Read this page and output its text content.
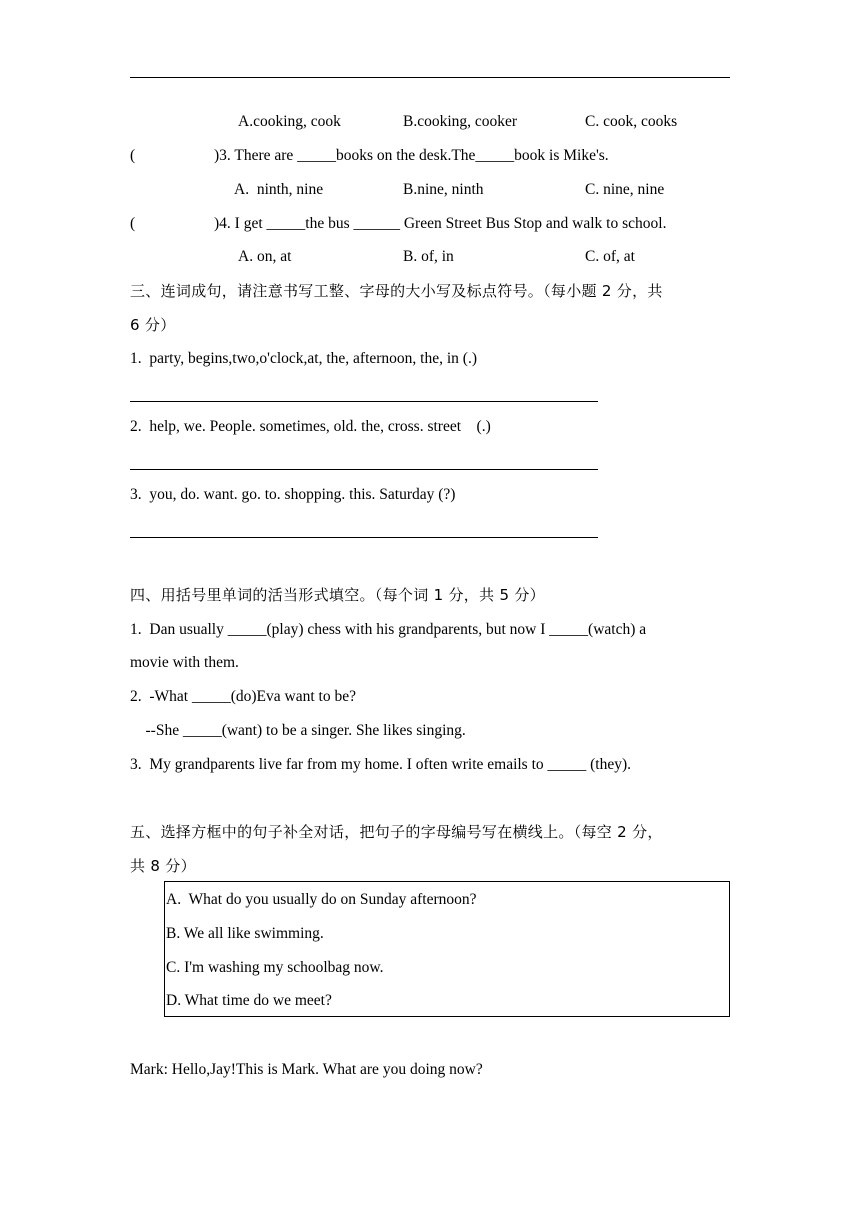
A.cooking, cook	B.cooking, cooker	C. cook, cooks
(	)3. There are _____books on the desk.The_____book is Mike's.
A.  ninth, nine	B.nine, ninth	C. nine, nine
(	)4. I get _____the bus ______ Green Street Bus Stop and walk to school.
A. on, at	B. of, in	C. of, at
三、连词成句，请注意书写工整、字母的大小写及标点符号。（每小题 2 分，共
6 分）
1.  party, begins,two,o'clock,at, the, afternoon, the, in (.)
2.  help, we. People. sometimes, old. the, cross. street    (.)
3.  you, do. want. go. to. shopping. this. Saturday (?)
四、用括号里单词的活当形式填空。（每个词 1 分，共 5 分）
1.  Dan usually _____(play) chess with his grandparents, but now I _____(watch) a
movie with them.
2.  -What _____(do)Eva want to be?
--She _____(want) to be a singer. She likes singing.
3.  My grandparents live far from my home. I often write emails to _____ (they).
五、选择方框中的句子补全对话，把句子的字母编号写在横线上。（每空 2 分，
共 8 分）
A.  What do you usually do on Sunday afternoon?
B. We all like swimming.
C. I'm washing my schoolbag now.
D. What time do we meet?
Mark: Hello,Jay!This is Mark. What are you doing now?
